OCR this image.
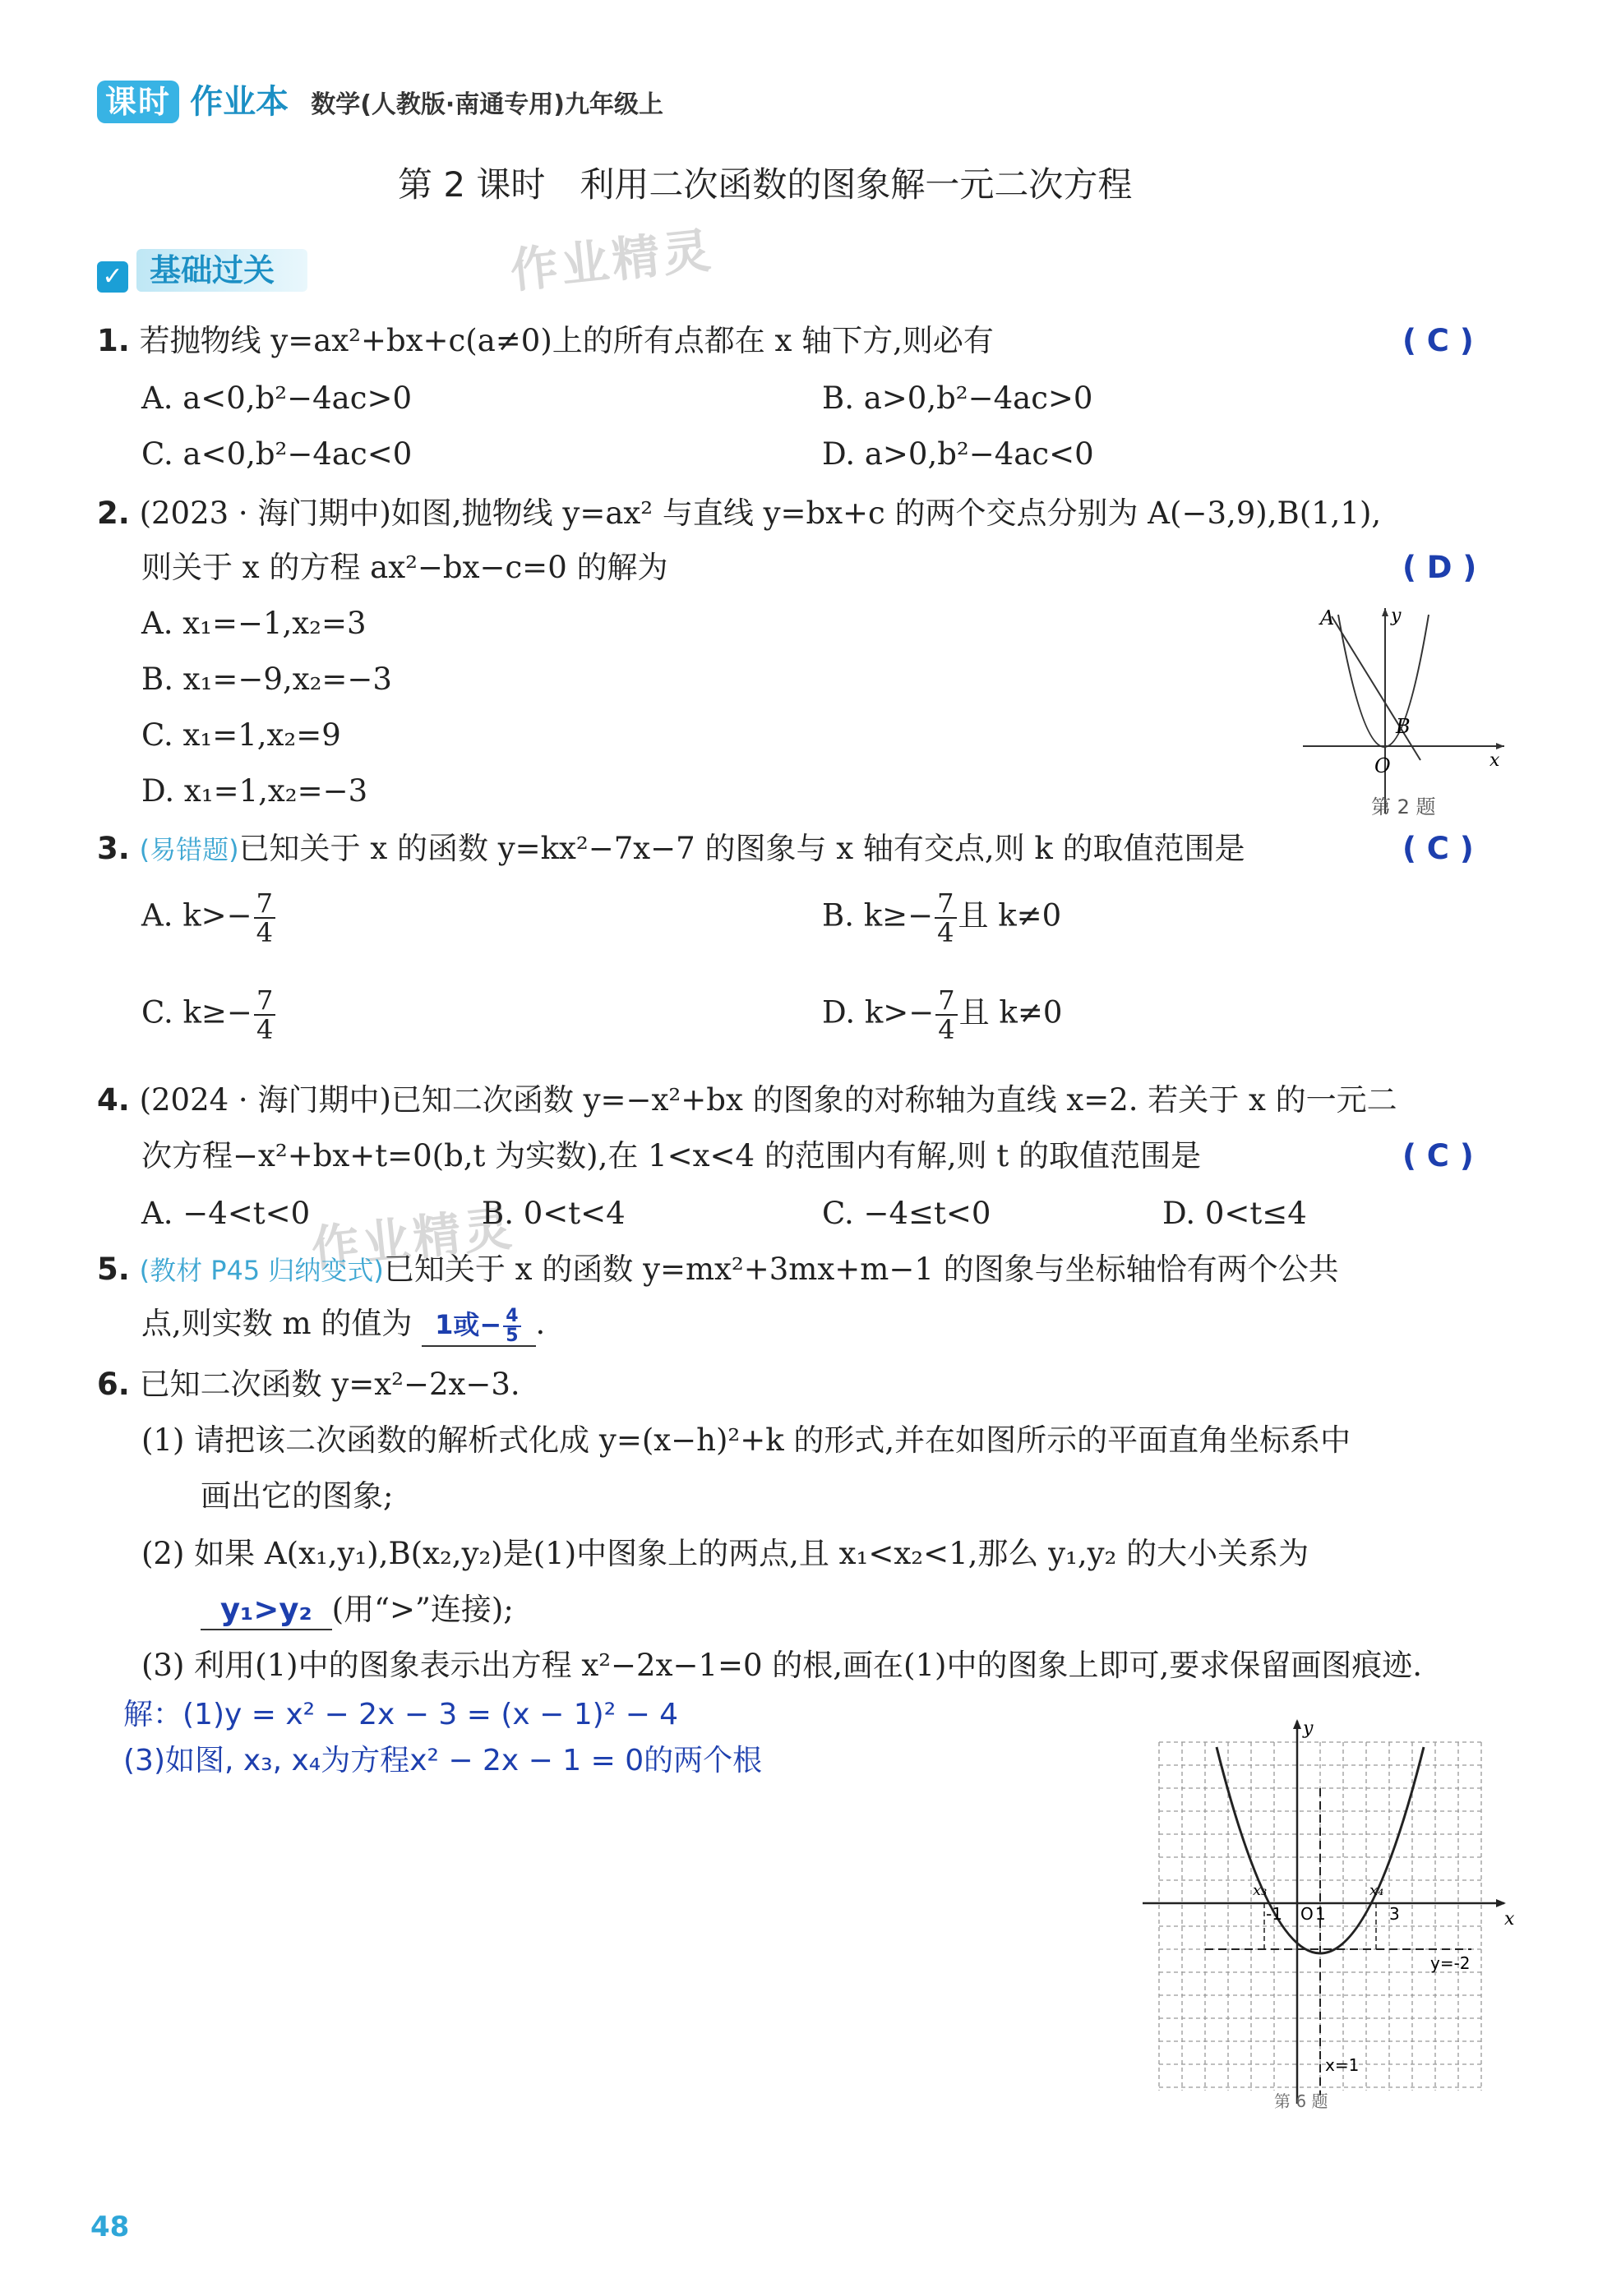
课时 作业本 数学(人教版·南通专用)九年级上
第 2 课时　利用二次函数的图象解一元二次方程
✓ 基础过关	作业精灵
作业精灵
1. 若抛物线 y=ax²+bx+c(a≠0)上的所有点都在 x 轴下方,则必有	( C )
A. a<0,b²−4ac>0	B. a>0,b²−4ac>0
C. a<0,b²−4ac<0	D. a>0,b²−4ac<0
2. (2023 · 海门期中)如图,抛物线 y=ax² 与直线 y=bx+c 的两个交点分别为 A(−3,9),B(1,1),
则关于 x 的方程 ax²−bx−c=0 的解为	( D )
A. x₁=−1,x₂=3
B. x₁=−9,x₂=−3
C. x₁=1,x₂=9
D. x₁=1,x₂=−3
A
B
O	x
y
第 2 题
3. (易错题)已知关于 x 的函数 y=kx²−7x−7 的图象与 x 轴有交点,则 k 的取值范围是	( C )
A. $k>- \frac{7}{4}$	B. $k\ge- \frac{7}{4}$ 且 k≠0
C. $k\ge- \frac{7}{4}$	D. $k>- \frac{7}{4}$ 且 k≠0
4. (2024 · 海门期中)已知二次函数 y=−x²+bx 的图象的对称轴为直线 x=2. 若关于 x 的一元二
次方程−x²+bx+t=0(b,t 为实数),在 1<x<4 的范围内有解,则 t 的取值范围是	( C )
A. −4<t<0	B. 0<t<4	C. −4≤t<0	D. 0<t≤4
5. (教材 P45 归纳变式)已知关于 x 的函数 y=mx²+3mx+m−1 的图象与坐标轴恰有两个公共
点,则实数 m 的值为 1或− $\frac{4}{5}$ .
6. 已知二次函数 y=x²−2x−3.
(1) 请把该二次函数的解析式化成 y=(x−h)²+k 的形式,并在如图所示的平面直角坐标系中
画出它的图象;
(2) 如果 A(x₁,y₁),B(x₂,y₂)是(1)中图象上的两点,且 x₁<x₂<1,那么 y₁,y₂ 的大小关系为
y₁>y₂ (用“>”连接);
(3) 利用(1)中的图象表示出方程 x²−2x−1=0 的根,画在(1)中的图象上即可,要求保留画图痕迹.
解：(1)y = x² − 2x − 3 = (x − 1)² − 4
(3)如图, x₃, x₄为方程x² − 2x − 1 = 0的两个根
y
x
O 1
-1	3
x₃	x₄
y=-2
x=1
第 6 题
48
